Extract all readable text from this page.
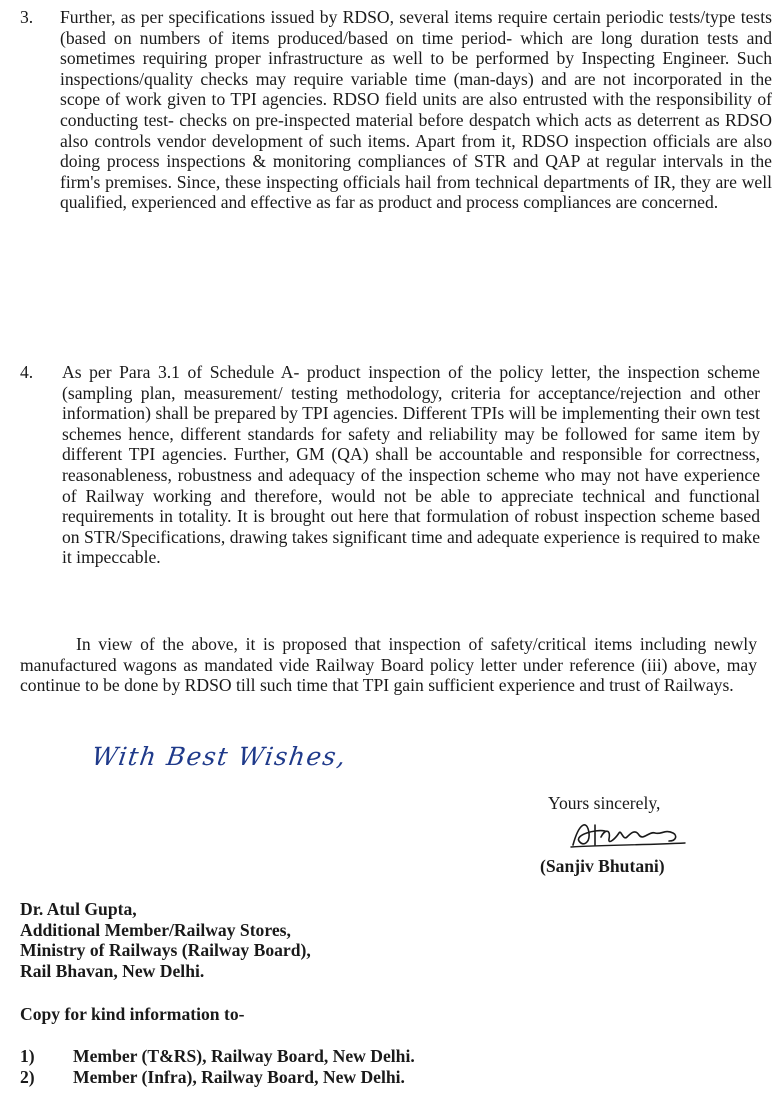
3. Further, as per specifications issued by RDSO, several items require certain periodic tests/type tests (based on numbers of items produced/based on time period- which are long duration tests and sometimes requiring proper infrastructure as well to be performed by Inspecting Engineer. Such inspections/quality checks may require variable time (man-days) and are not incorporated in the scope of work given to TPI agencies. RDSO field units are also entrusted with the responsibility of conducting test- checks on pre-inspected material before despatch which acts as deterrent as RDSO also controls vendor development of such items. Apart from it, RDSO inspection officials are also doing process inspections & monitoring compliances of STR and QAP at regular intervals in the firm's premises. Since, these inspecting officials hail from technical departments of IR, they are well qualified, experienced and effective as far as product and process compliances are concerned.

4. As per Para 3.1 of Schedule A- product inspection of the policy letter, the inspection scheme (sampling plan, measurement/ testing methodology, criteria for acceptance/rejection and other information) shall be prepared by TPI agencies. Different TPIs will be implementing their own test schemes hence, different standards for safety and reliability may be followed for same item by different TPI agencies. Further, GM (QA) shall be accountable and responsible for correctness, reasonableness, robustness and adequacy of the inspection scheme who may not have experience of Railway working and therefore, would not be able to appreciate technical and functional requirements in totality. It is brought out here that formulation of robust inspection scheme based on STR/Specifications, drawing takes significant time and adequate experience is required to make it impeccable.

In view of the above, it is proposed that inspection of safety/critical items including newly manufactured wagons as mandated vide Railway Board policy letter under reference (iii) above, may continue to be done by RDSO till such time that TPI gain sufficient experience and trust of Railways.

With Best Wishes,

Yours sincerely,

(Sanjiv Bhutani)

Dr. Atul Gupta,
Additional Member/Railway Stores,
Ministry of Railways (Railway Board),
Rail Bhavan, New Delhi.

Copy for kind information to-

1)	Member (T&RS), Railway Board, New Delhi.
2)	Member (Infra), Railway Board, New Delhi.
